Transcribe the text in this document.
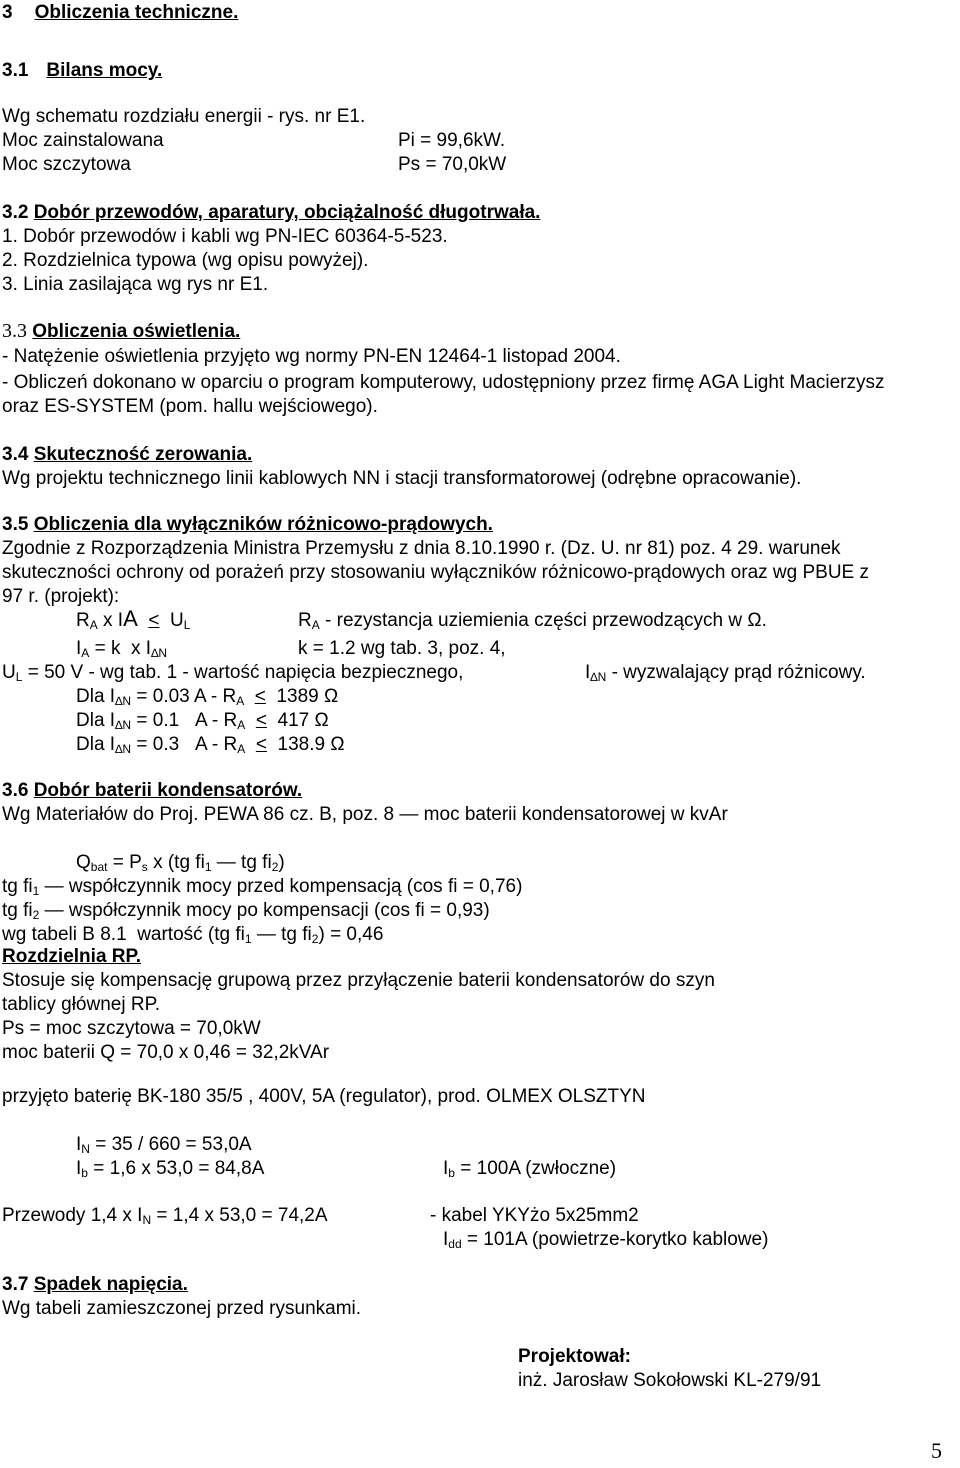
3 Obliczenia techniczne.
3.1 Bilans mocy.
Wg schematu rozdziału energii - rys. nr E1.
Moc zainstalowana	Pi = 99,6kW.
Moc szczytowa	Ps = 70,0kW
3.2 Dobór przewodów, aparatury, obciążalność długotrwała.
1. Dobór przewodów i kabli wg PN-IEC 60364-5-523.
2. Rozdzielnica typowa (wg opisu powyżej).
3. Linia zasilająca wg rys nr E1.
3.3 Obliczenia oświetlenia.
- Natężenie oświetlenia przyjęto wg normy PN-EN 12464-1 listopad 2004.
- Obliczeń dokonano w oparciu o program komputerowy, udostępniony przez firmę AGA Light Macierzysz
oraz ES-SYSTEM (pom. hallu wejściowego).
3.4 Skuteczność zerowania.
Wg projektu technicznego linii kablowych NN i stacji transformatorowej (odrębne opracowanie).
3.5 Obliczenia dla wyłączników różnicowo-prądowych.
Zgodnie z Rozporządzenia Ministra Przemysłu z dnia 8.10.1990 r. (Dz. U. nr 81) poz. 4 29. warunek
skuteczności ochrony od porażeń przy stosowaniu wyłączników różnicowo-prądowych oraz wg PBUE z
97 r. (projekt):
$R_A$ x IA <  $U_L$	$R_A$ - rezystancja uziemienia części przewodzących w Ω.
$I_A = k$  x $I_{\Delta N}$	k = 1.2 wg tab. 3, poz. 4,
$U_L = 50$ V - wg tab. 1 - wartość napięcia bezpiecznego,	$I_{\Delta N}$ - wyzwalający prąd różnicowy.
Dla $I_{\Delta N} = 0.03$ $A - R_A < 1389$ Ω
Dla $I_{\Delta N} = 0.1$   $A - R_A < 417$ Ω
Dla $I_{\Delta N} = 0.3$   $A - R_A < 138.9$ Ω
3.6 Dobór baterii kondensatorów.
Wg Materiałów do Proj. PEWA 86 cz. B, poz. 8 — moc baterii kondensatorowej w kvAr
$Q_{bat} = P_s$ x (tg $fi_1$ — tg $fi_2$)
tg $fi_1$ — współczynnik mocy przed kompensacją (cos fi = 0,76)
tg $fi_2$ — współczynnik mocy po kompensacji (cos fi = 0,93)
wg tabeli B 8.1  wartość (tg $fi_1$ — tg $fi_2) = 0,46$
Rozdzielnia RP.
Stosuje się kompensację grupową przez przyłączenie baterii kondensatorów do szyn
tablicy głównej RP.
Ps = moc szczytowa = 70,0kW
moc baterii Q = 70,0 x 0,46 = 32,2kVAr
przyjęto baterię BK-180 35/5 , 400V, 5A (regulator), prod. OLMEX OLSZTYN
$I_N = 35 / 660 = 53,0A$
$I_b = 1,6$ x 53,0 = 84,8A	$I_b = 100A$ (zwłoczne)
Przewody 1,4 x $I_N = 1,4$ x 53,0 = 74,2A	- kabel YKYżo 5x25mm2
$I_{dd} = 101A$ (powietrze-korytko kablowe)
3.7 Spadek napięcia.
Wg tabeli zamieszczonej przed rysunkami.
Projektował:
inż. Jarosław Sokołowski KL-279/91
5
